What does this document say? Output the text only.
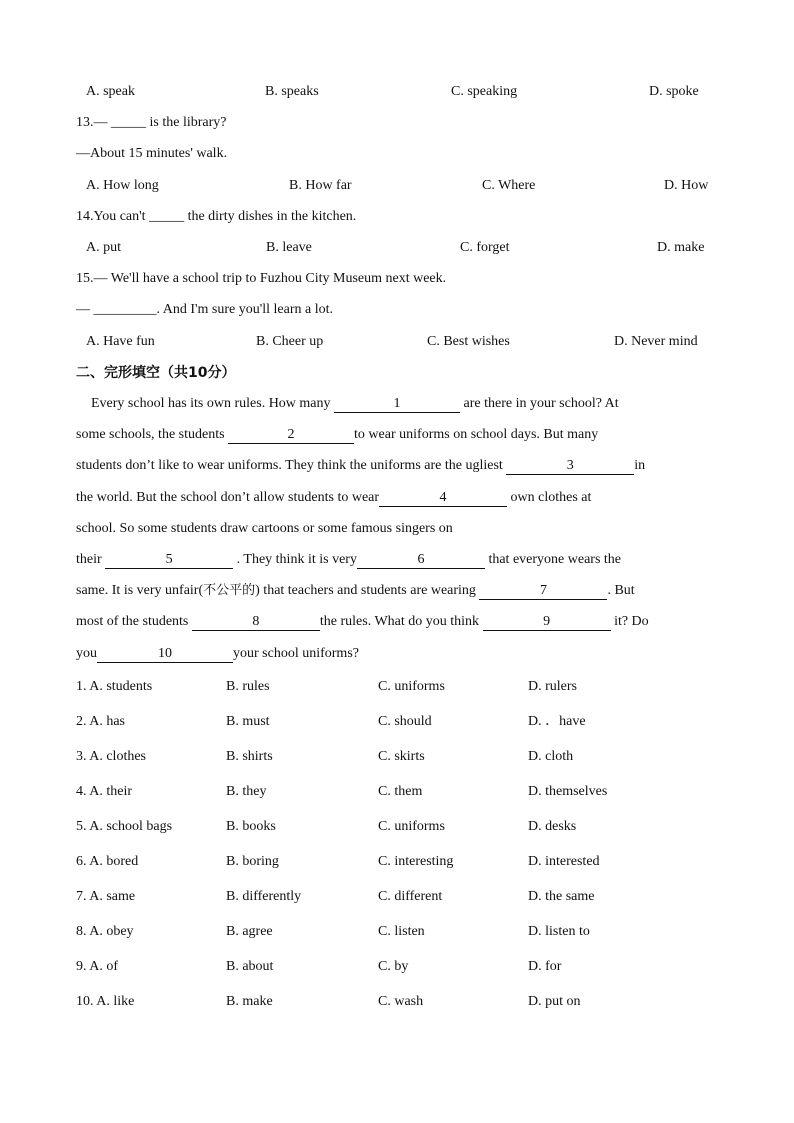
A. speak	B. speaks	C. speaking	D. spoke
13.— _____ is the library?
—About 15 minutes' walk.
A. How long	B. How far	C. Where	D. How
14.You can't _____ the dirty dishes in the kitchen.
A. put	B. leave	C. forget	D. make
15.— We'll have a school trip to Fuzhou City Museum next week.
— _________. And I'm sure you'll learn a lot.
A. Have fun	B. Cheer up	C. Best wishes	D. Never mind
二、完形填空（共10分）
Every school has its own rules. How many	1	are there in your school? At
some schools, the students	2	to wear uniforms on school days. But many
students don’t like to wear uniforms. They think the uniforms are the ugliest	3	in
the world. But the school don’t allow students to wear	4	own clothes at
school. So some students draw cartoons or some famous singers on
their	5	. They think it is very	6	that everyone wears the
same. It is very unfair(不公平的) that teachers and students are wearing	7	. But
most of the students	8	the rules. What do you think	9	it? Do
you	10	your school uniforms?
1. A. students	B. rules	C. uniforms	D. rulers
2. A. has	B. must	C. should	D. ．have
3. A. clothes	B. shirts	C. skirts	D. cloth
4. A. their	B. they	C. them	D. themselves
5. A. school bags	B. books	C. uniforms	D. desks
6. A. bored	B. boring	C. interesting	D. interested
7. A. same	B. differently	C. different	D. the same
8. A. obey	B. agree	C. listen	D. listen to
9. A. of	B. about	C. by	D. for
10. A. like	B. make	C. wash	D. put on
